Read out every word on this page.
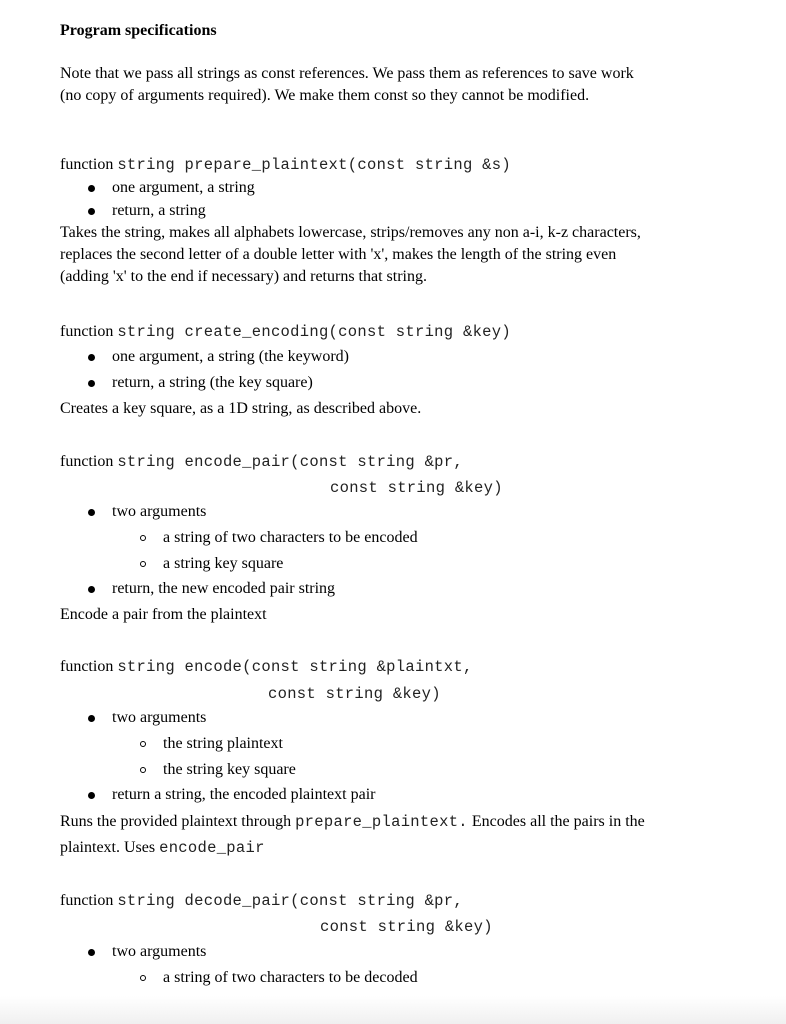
Program specifications
Note that we pass all strings as const references. We pass them as references to save work
(no copy of arguments required). We make them const so they cannot be modified.
function string prepare_plaintext(const string &s)
one argument, a string
return, a string
Takes the string, makes all alphabets lowercase, strips/removes any non a-i, k-z characters,
replaces the second letter of a double letter with 'x', makes the length of the string even
(adding 'x' to the end if necessary) and returns that string.
function string create_encoding(const string &key)
one argument, a string (the keyword)
return, a string (the key square)
Creates a key square, as a 1D string, as described above.
function string encode_pair(const string &pr,
const string &key)
two arguments
a string of two characters to be encoded
a string key square
return, the new encoded pair string
Encode a pair from the plaintext
function string encode(const string &plaintxt,
const string &key)
two arguments
the string plaintext
the string key square
return a string, the encoded plaintext pair
Runs the provided plaintext through prepare_plaintext. Encodes all the pairs in the
plaintext. Uses encode_pair
function string decode_pair(const string &pr,
const string &key)
two arguments
a string of two characters to be decoded
